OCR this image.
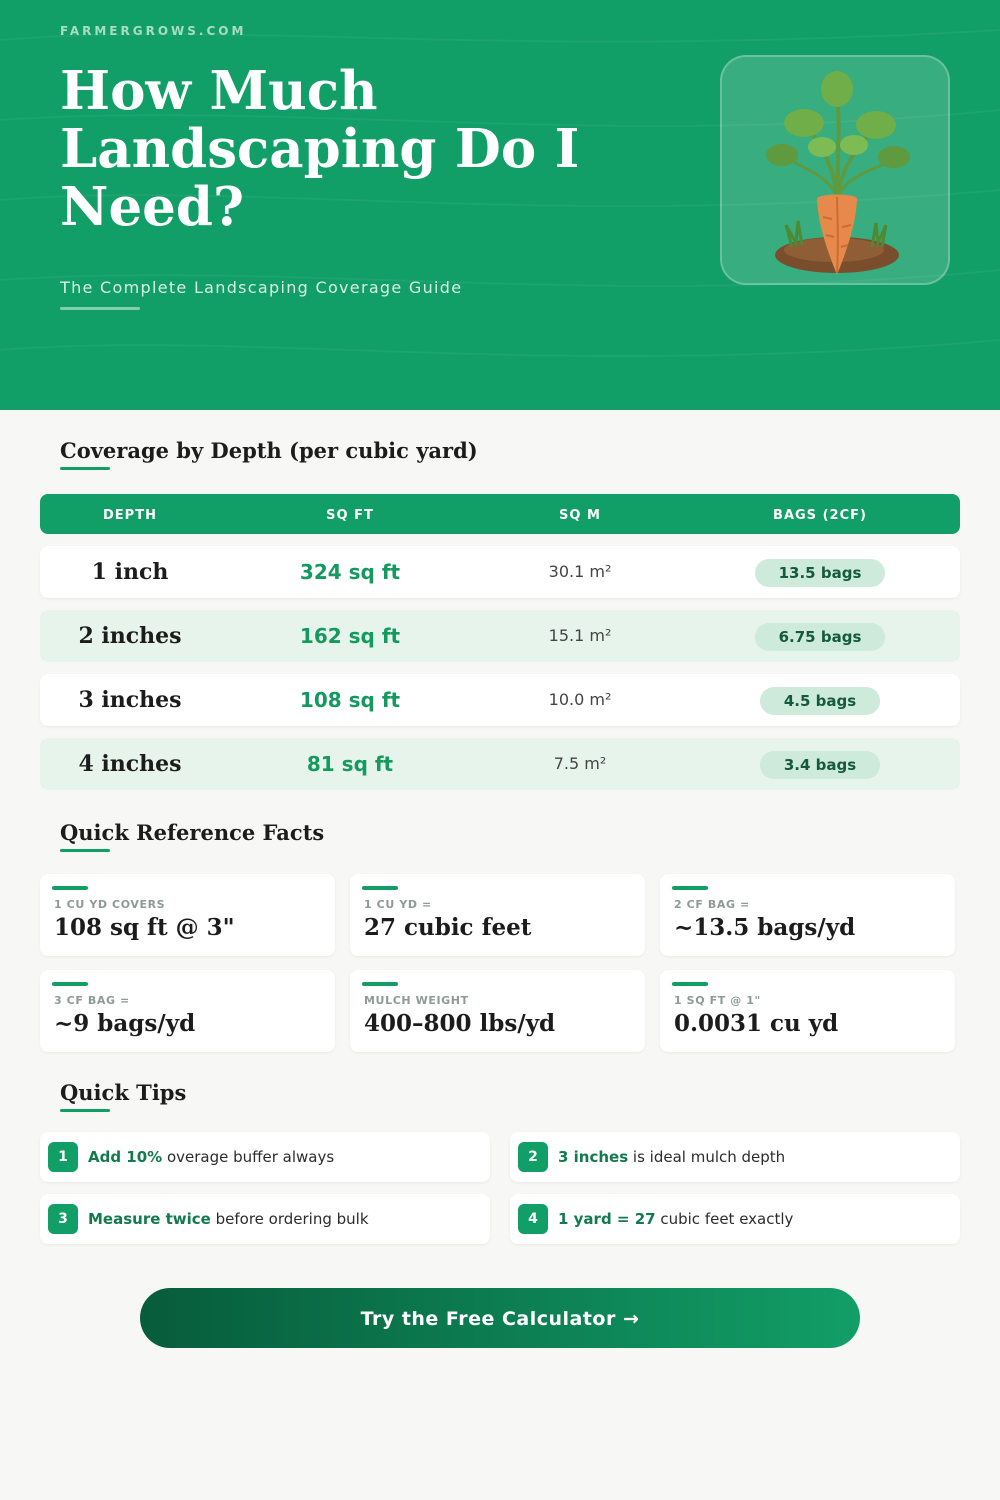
FARMERGROWS.COM
How Much Landscaping Do I Need?
The Complete Landscaping Coverage Guide
Coverage by Depth (per cubic yard)
DEPTH	SQ FT	SQ M	BAGS (2CF)
1 inch	324 sq ft	30.1 m²	13.5 bags
2 inches	162 sq ft	15.1 m²	6.75 bags
3 inches	108 sq ft	10.0 m²	4.5 bags
4 inches	81 sq ft	7.5 m²	3.4 bags
Quick Reference Facts
1 CU YD COVERS
108 sq ft @ 3"
1 CU YD =
27 cubic feet
2 CF BAG =
~13.5 bags/yd
3 CF BAG =
~9 bags/yd
MULCH WEIGHT
400–800 lbs/yd
1 SQ FT @ 1"
0.0031 cu yd
Quick Tips
1	Add 10% overage buffer always	2	3 inches is ideal mulch depth
3	Measure twice before ordering bulk	4	1 yard = 27 cubic feet exactly
Try the Free Calculator →
